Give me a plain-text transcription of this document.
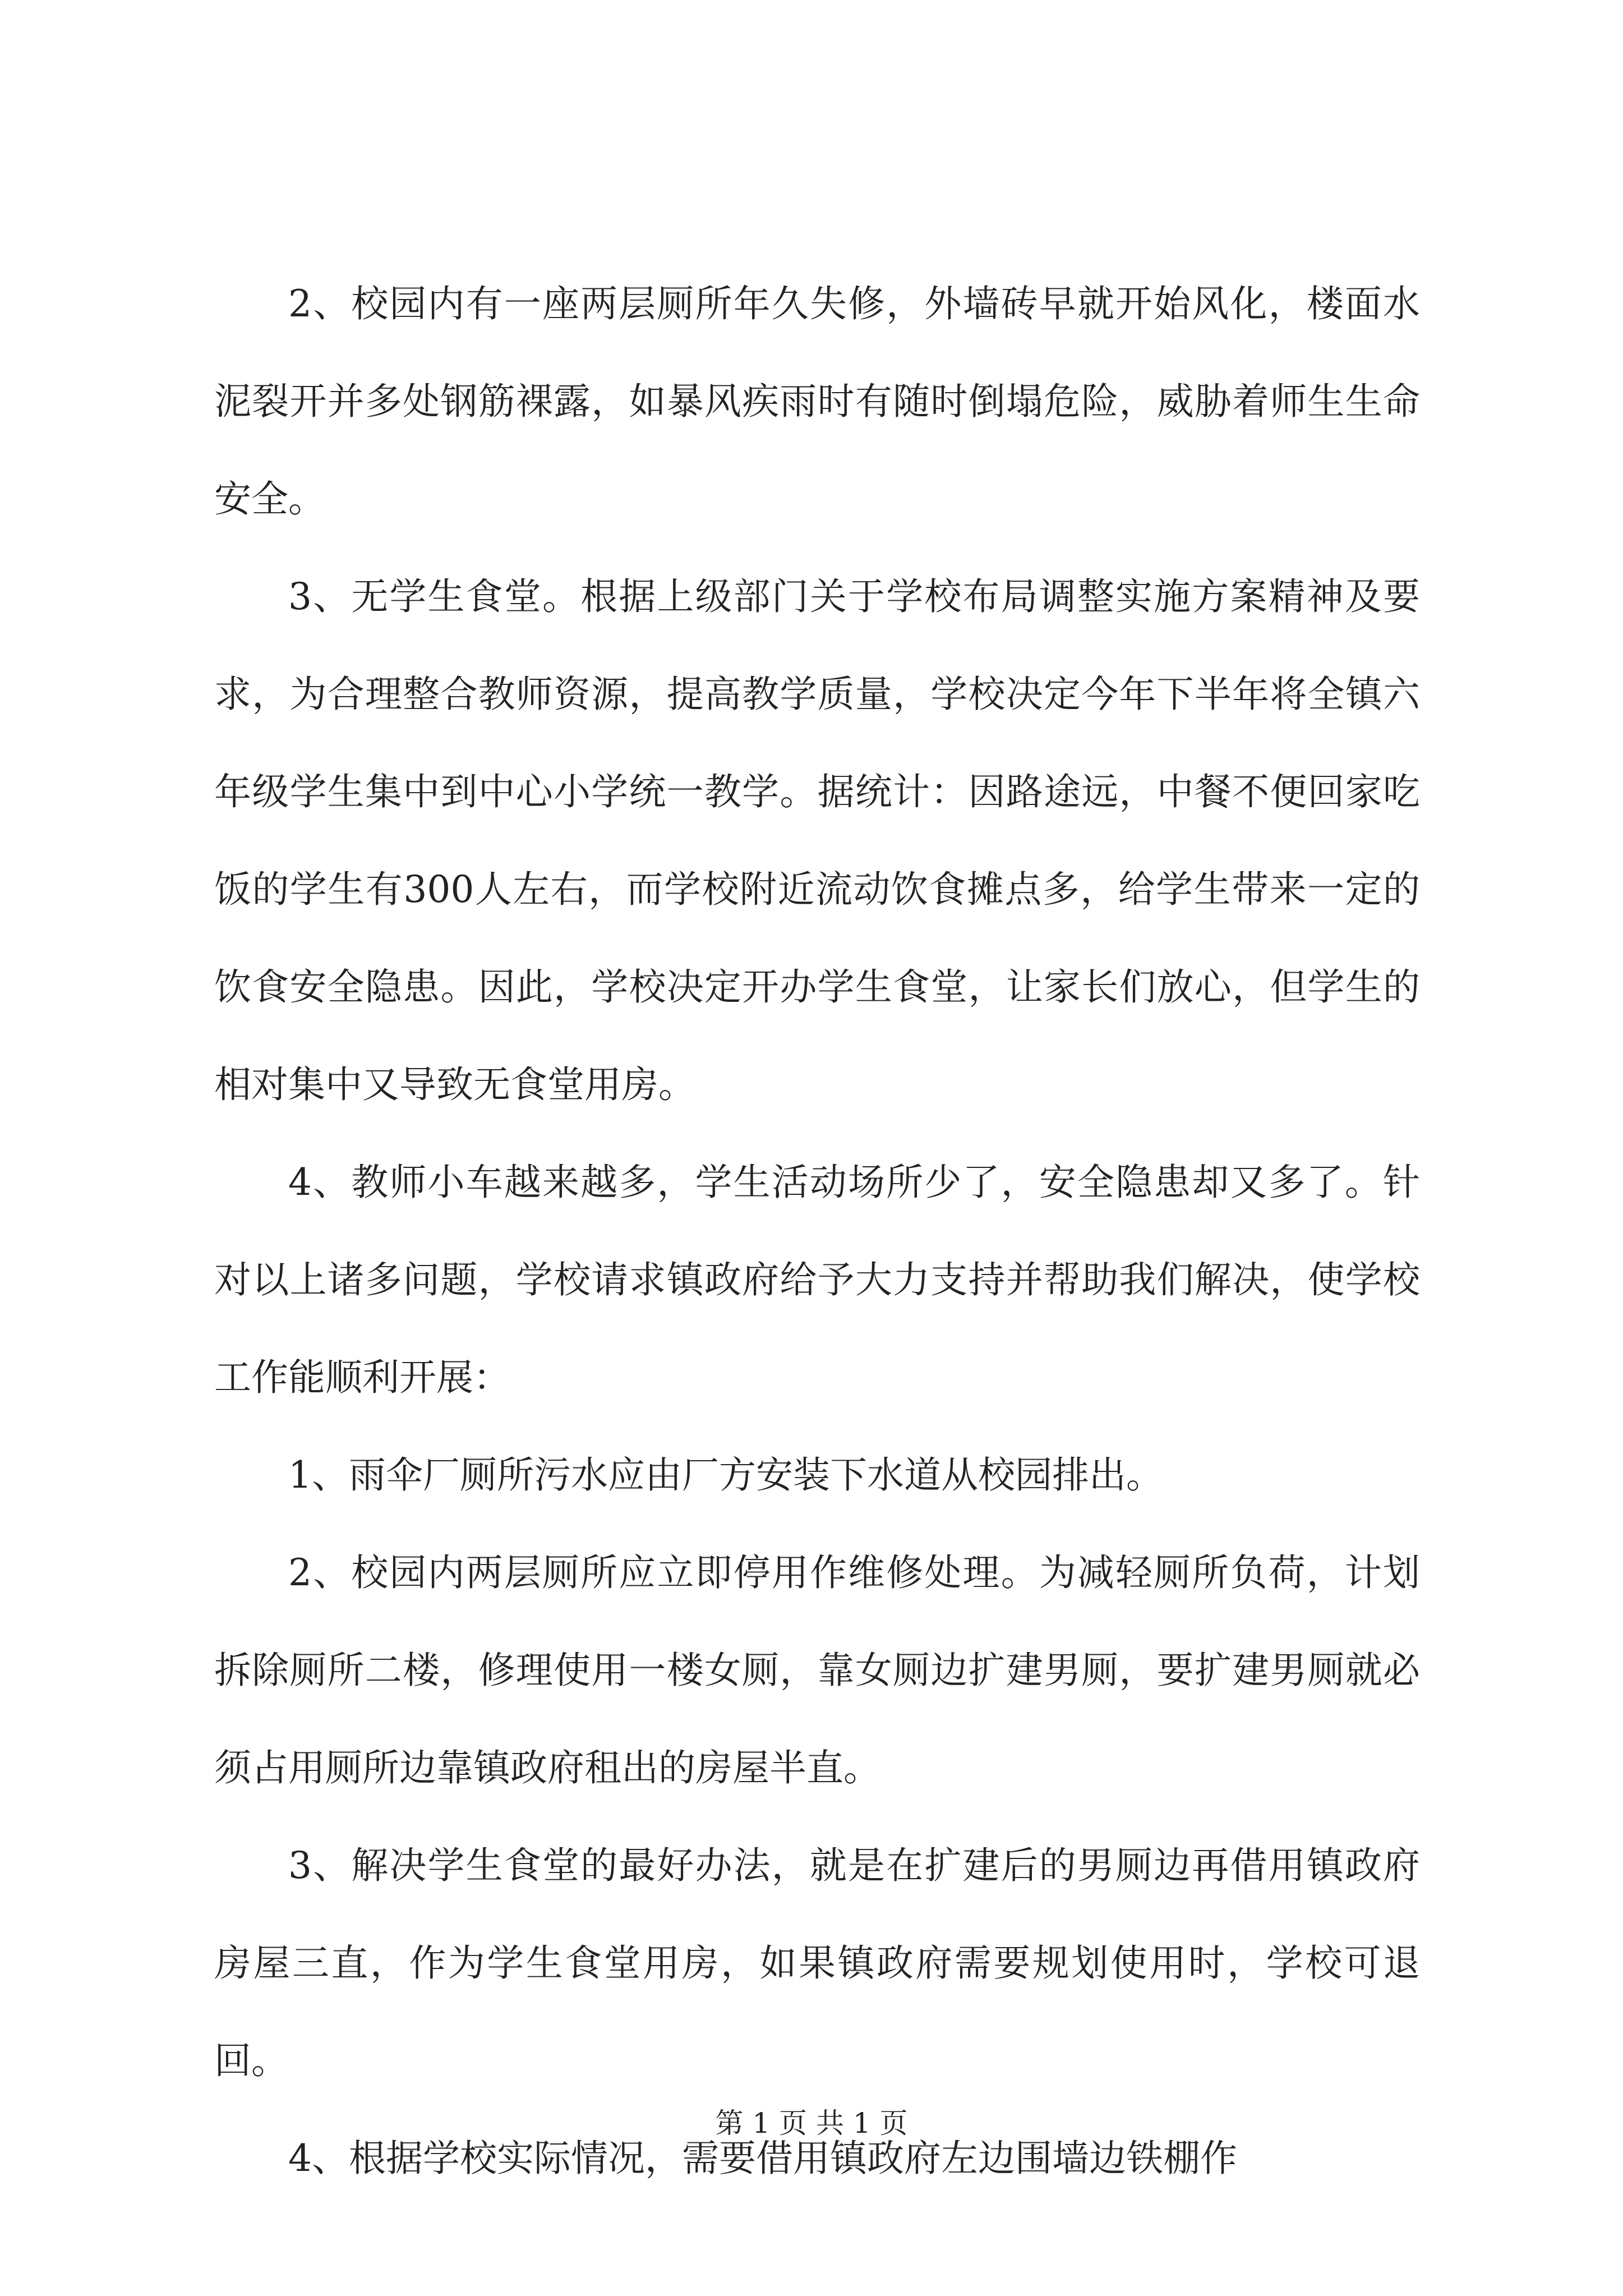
2、校园内有一座两层厕所年久失修，外墙砖早就开始风化，楼面水泥裂开并多处钢筋裸露，如暴风疾雨时有随时倒塌危险，威胁着师生生命安全。

3、无学生食堂。根据上级部门关于学校布局调整实施方案精神及要求，为合理整合教师资源，提高教学质量，学校决定今年下半年将全镇六年级学生集中到中心小学统一教学。据统计：因路途远，中餐不便回家吃饭的学生有300人左右，而学校附近流动饮食摊点多，给学生带来一定的饮食安全隐患。因此，学校决定开办学生食堂，让家长们放心，但学生的相对集中又导致无食堂用房。

4、教师小车越来越多，学生活动场所少了，安全隐患却又多了。针对以上诸多问题，学校请求镇政府给予大力支持并帮助我们解决，使学校工作能顺利开展：

1、雨伞厂厕所污水应由厂方安装下水道从校园排出。

2、校园内两层厕所应立即停用作维修处理。为减轻厕所负荷，计划拆除厕所二楼，修理使用一楼女厕，靠女厕边扩建男厕，要扩建男厕就必须占用厕所边靠镇政府租出的房屋半直。

3、解决学生食堂的最好办法，就是在扩建后的男厕边再借用镇政府房屋三直，作为学生食堂用房，如果镇政府需要规划使用时，学校可退回。

4、根据学校实际情况，需要借用镇政府左边围墙边铁棚作

第 1 页 共 1 页
